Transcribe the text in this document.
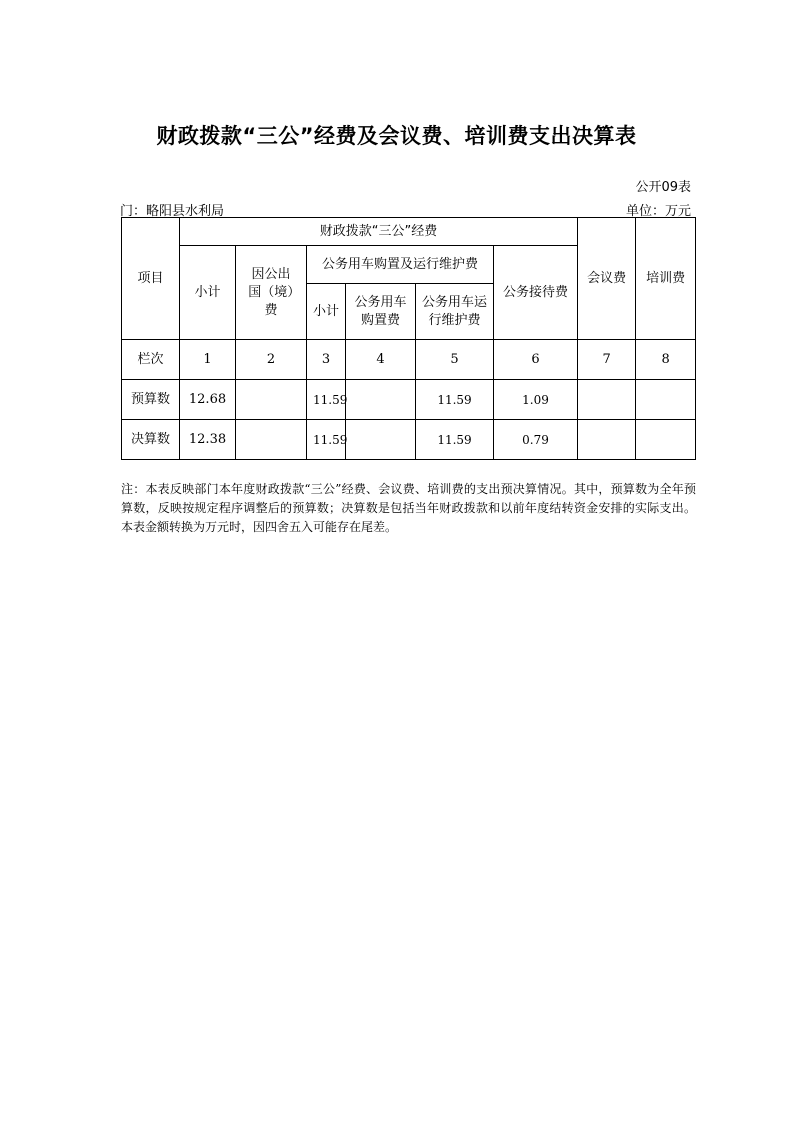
财政拨款“三公”经费及会议费、培训费支出决算表
公开09表
门：略阳县水利局	单位：万元
项目	财政拨款“三公”经费						会议费	培训费
	小计	因公出国（境）费	公务用车购置及运行维护费			公务接待费		
			小计	公务用车购置费	公务用车运行维护费			
栏次	1	2	3	4	5	6	7	8
预算数	12.68		11.59		11.59	1.09		
决算数	12.38		11.59		11.59	0.79		
注：本表反映部门本年度财政拨款“三公”经费、会议费、培训费的支出预决算情况。其中，预算数为全年预算数，反映按规定程序调整后的预算数；决算数是包括当年财政拨款和以前年度结转资金安排的实际支出。本表金额转换为万元时，因四舍五入可能存在尾差。
